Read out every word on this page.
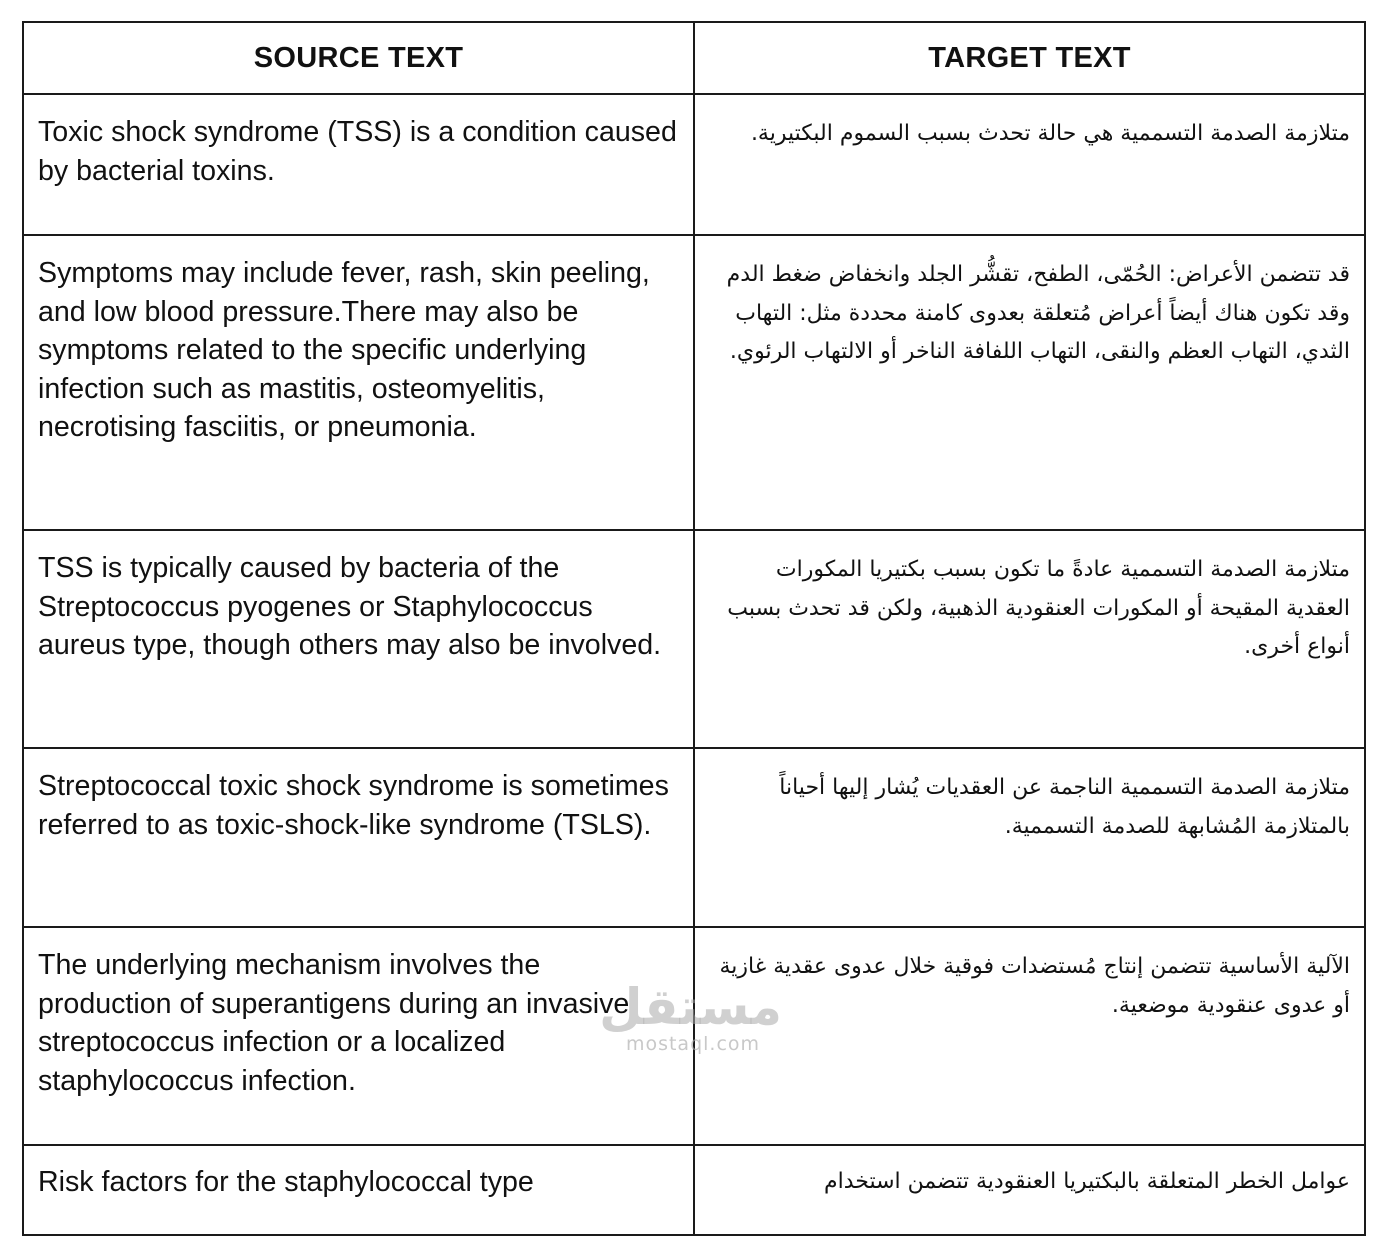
SOURCE TEXT	TARGET TEXT
Toxic shock syndrome (TSS) is a condition caused by bacterial toxins.	متلازمة الصدمة التسممية هي حالة تحدث بسبب السموم البكتيرية.
Symptoms may include fever, rash, skin peeling, and low blood pressure.There may also be symptoms related to the specific underlying infection such as mastitis, osteomyelitis, necrotising fasciitis, or pneumonia.	قد تتضمن الأعراض: الحُمّى، الطفح، تقشُّر الجلد وانخفاض ضغط الدم وقد تكون هناك أيضاً أعراض مُتعلقة بعدوى كامنة محددة مثل: التهاب الثدي، التهاب العظم والنقى، التهاب اللفافة الناخر أو الالتهاب الرئوي.
TSS is typically caused by bacteria of the Streptococcus pyogenes or Staphylococcus aureus type, though others may also be involved.	متلازمة الصدمة التسممية عادةً ما تكون بسبب بكتيريا المكورات العقدية المقيحة أو المكورات العنقودية الذهبية، ولكن قد تحدث بسبب أنواع أخرى.
Streptococcal toxic shock syndrome is sometimes referred to as toxic-shock-like syndrome (TSLS).	متلازمة الصدمة التسممية الناجمة عن العقديات يُشار إليها أحياناً بالمتلازمة المُشابهة للصدمة التسممية.
The underlying mechanism involves the production of superantigens during an invasive streptococcus infection or a localized staphylococcus infection.	الآلية الأساسية تتضمن إنتاج مُستضدات فوقية خلال عدوى عقدية غازية أو عدوى عنقودية موضعية.
Risk factors for the staphylococcal type	عوامل الخطر المتعلقة بالبكتيريا العنقودية تتضمن استخدام
مستقل
mostaql.com
